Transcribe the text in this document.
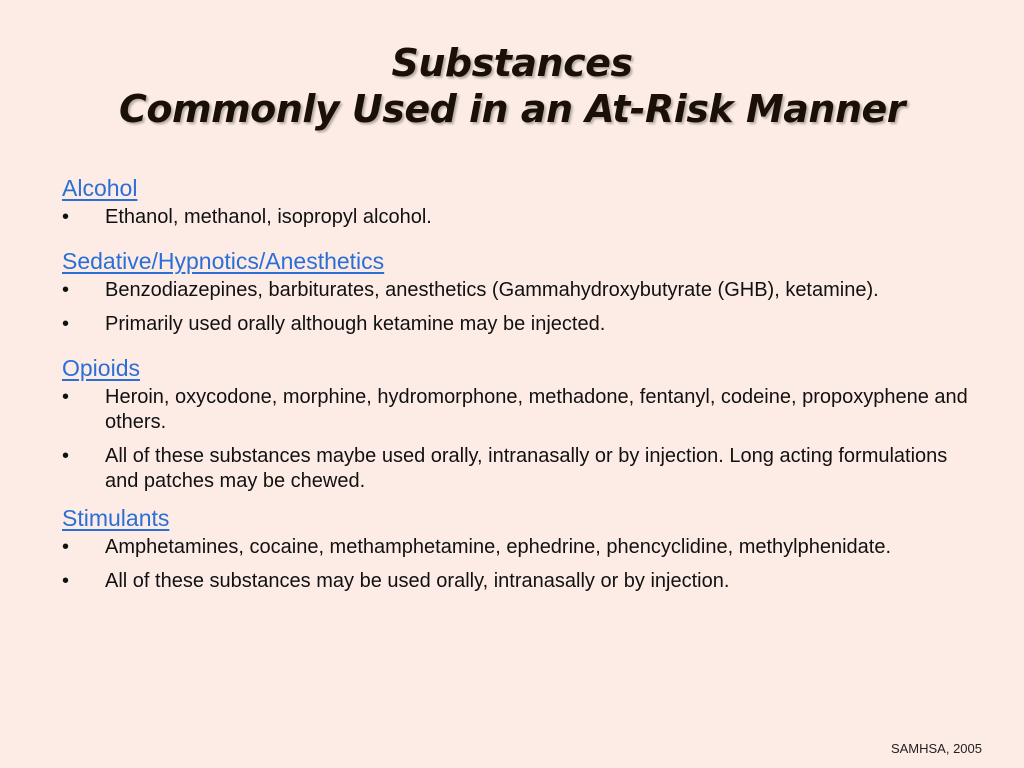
Substances
Commonly Used in an At-Risk Manner
Alcohol
•	Ethanol, methanol, isopropyl alcohol.
Sedative/Hypnotics/Anesthetics
•	Benzodiazepines, barbiturates, anesthetics (Gammahydroxybutyrate (GHB), ketamine).
•	Primarily used orally although ketamine may be injected.
Opioids
•	Heroin, oxycodone, morphine, hydromorphone, methadone, fentanyl, codeine, propoxyphene and others.
•	All of these substances maybe used orally, intranasally or by injection. Long acting formulations and patches may be chewed.
Stimulants
•	Amphetamines, cocaine, methamphetamine, ephedrine, phencyclidine, methylphenidate.
•	All of these substances may be used orally, intranasally or by injection.
SAMHSA, 2005
